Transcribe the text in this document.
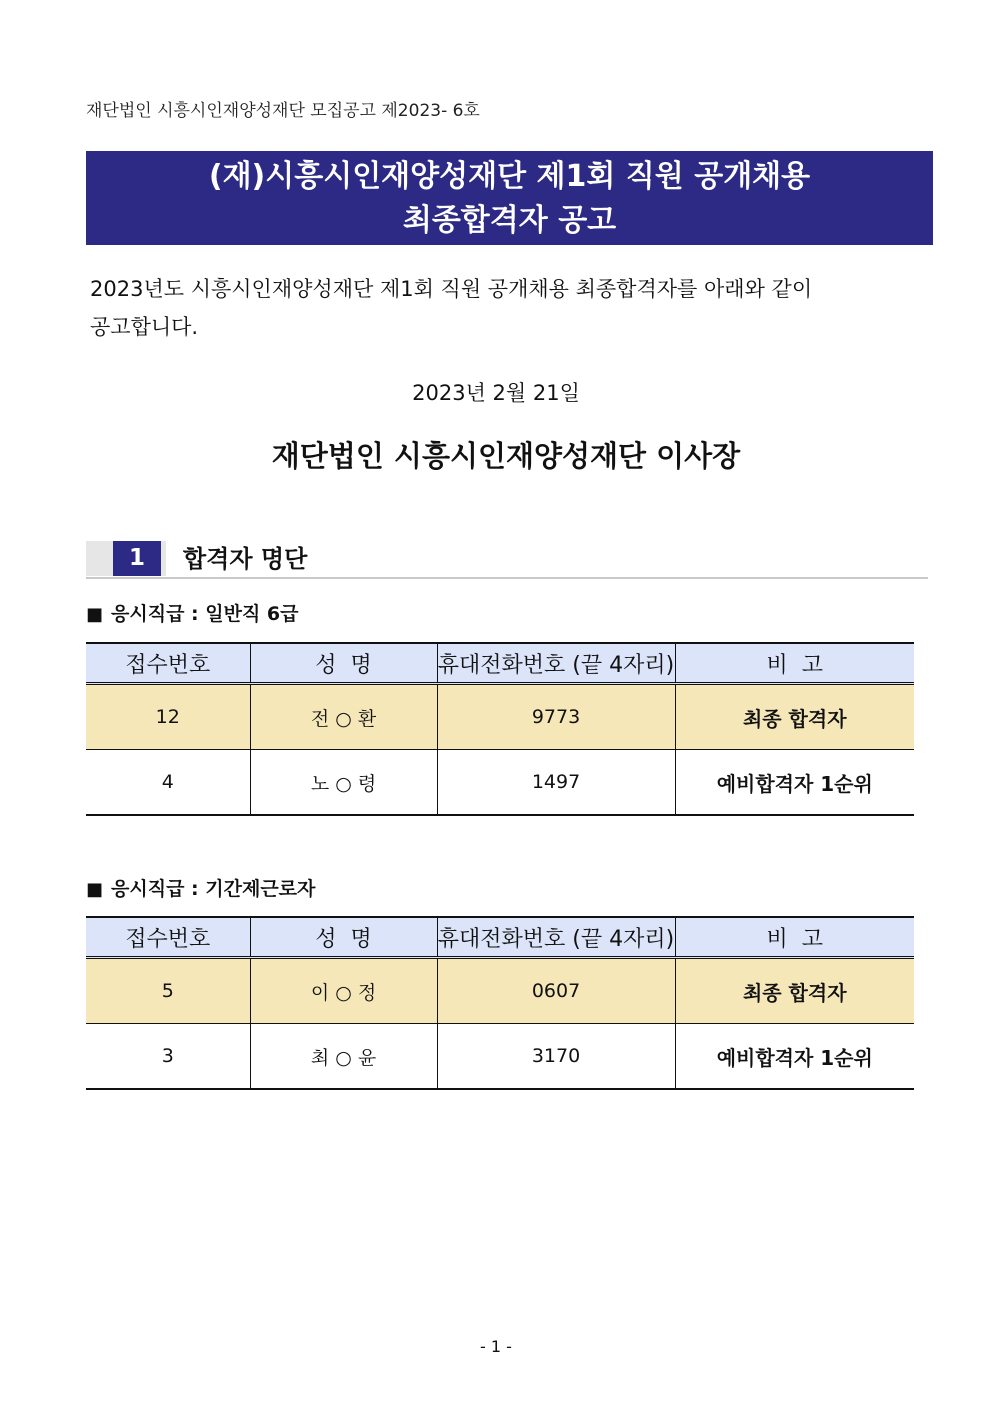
재단법인 시흥시인재양성재단 모집공고 제2023- 6호
(재)시흥시인재양성재단 제1회 직원 공개채용
최종합격자 공고
2023년도 시흥시인재양성재단 제1회 직원 공개채용 최종합격자를 아래와 같이
공고합니다.
2023년 2월 21일
재단법인 시흥시인재양성재단 이사장
1	합격자 명단
■ 응시직급 : 일반직 6급
접수번호	성  명	휴대전화번호 (끝 4자리)	비  고
12	전 ○ 환	9773	최종 합격자
4	노 ○ 령	1497	예비합격자 1순위
■ 응시직급 : 기간제근로자
접수번호	성  명	휴대전화번호 (끝 4자리)	비  고
5	이 ○ 정	0607	최종 합격자
3	최 ○ 윤	3170	예비합격자 1순위
- 1 -
